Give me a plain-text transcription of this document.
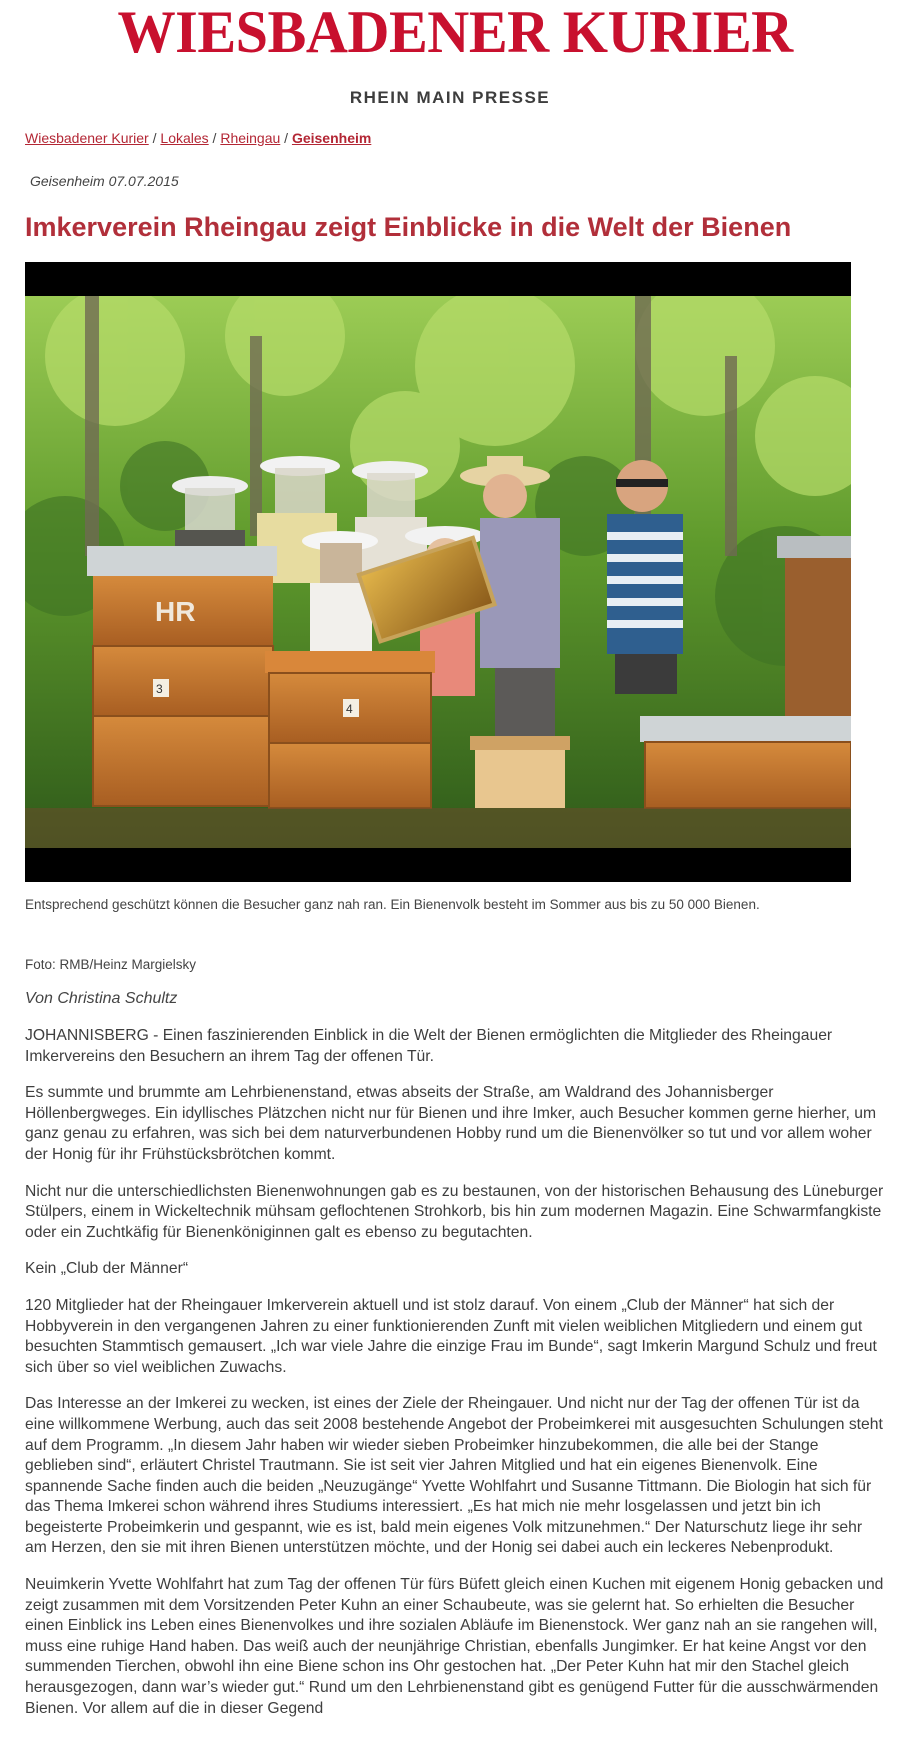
WIESBADENER KURIER
RHEIN MAIN PRESSE
Wiesbadener Kurier / Lokales / Rheingau / Geisenheim
Geisenheim 07.07.2015
Imkerverein Rheingau zeigt Einblicke in die Welt der Bienen
HR
3
4
Entsprechend geschützt können die Besucher ganz nah ran. Ein Bienenvolk besteht im Sommer aus bis zu 50 000 Bienen.
Foto: RMB/Heinz Margielsky
Von Christina Schultz

JOHANNISBERG - Einen faszinierenden Einblick in die Welt der Bienen ermöglichten die Mitglieder des Rheingauer Imkervereins den Besuchern an ihrem Tag der offenen Tür.

Es summte und brummte am Lehrbienenstand, etwas abseits der Straße, am Waldrand des Johannisberger Höllenbergweges. Ein idyllisches Plätzchen nicht nur für Bienen und ihre Imker, auch Besucher kommen gerne hierher, um ganz genau zu erfahren, was sich bei dem naturverbundenen Hobby rund um die Bienenvölker so tut und vor allem woher der Honig für ihr Frühstücksbrötchen kommt.

Nicht nur die unterschiedlichsten Bienenwohnungen gab es zu bestaunen, von der historischen Behausung des Lüneburger Stülpers, einem in Wickeltechnik mühsam geflochtenen Strohkorb, bis hin zum modernen Magazin. Eine Schwarmfangkiste oder ein Zuchtkäfig für Bienenköniginnen galt es ebenso zu begutachten.

Kein „Club der Männer“

120 Mitglieder hat der Rheingauer Imkerverein aktuell und ist stolz darauf. Von einem „Club der Männer“ hat sich der Hobbyverein in den vergangenen Jahren zu einer funktionierenden Zunft mit vielen weiblichen Mitgliedern und einem gut besuchten Stammtisch gemausert. „Ich war viele Jahre die einzige Frau im Bunde“, sagt Imkerin Margund Schulz und freut sich über so viel weiblichen Zuwachs.

Das Interesse an der Imkerei zu wecken, ist eines der Ziele der Rheingauer. Und nicht nur der Tag der offenen Tür ist da eine willkommene Werbung, auch das seit 2008 bestehende Angebot der Probeimkerei mit ausgesuchten Schulungen steht auf dem Programm. „In diesem Jahr haben wir wieder sieben Probeimker hinzubekommen, die alle bei der Stange geblieben sind“, erläutert Christel Trautmann. Sie ist seit vier Jahren Mitglied und hat ein eigenes Bienenvolk. Eine spannende Sache finden auch die beiden „Neuzugänge“ Yvette Wohlfahrt und Susanne Tittmann. Die Biologin hat sich für das Thema Imkerei schon während ihres Studiums interessiert. „Es hat mich nie mehr losgelassen und jetzt bin ich begeisterte Probeimkerin und gespannt, wie es ist, bald mein eigenes Volk mitzunehmen.“ Der Naturschutz liege ihr sehr am Herzen, den sie mit ihren Bienen unterstützen möchte, und der Honig sei dabei auch ein leckeres Nebenprodukt.

Neuimkerin Yvette Wohlfahrt hat zum Tag der offenen Tür fürs Büfett gleich einen Kuchen mit eigenem Honig gebacken und zeigt zusammen mit dem Vorsitzenden Peter Kuhn an einer Schaubeute, was sie gelernt hat. So erhielten die Besucher einen Einblick ins Leben eines Bienenvolkes und ihre sozialen Abläufe im Bienenstock. Wer ganz nah an sie rangehen will, muss eine ruhige Hand haben. Das weiß auch der neunjährige Christian, ebenfalls Jungimker. Er hat keine Angst vor den summenden Tierchen, obwohl ihn eine Biene schon ins Ohr gestochen hat. „Der Peter Kuhn hat mir den Stachel gleich herausgezogen, dann war’s wieder gut.“ Rund um den Lehrbienenstand gibt es genügend Futter für die ausschwärmenden Bienen. Vor allem auf die in dieser Gegend
